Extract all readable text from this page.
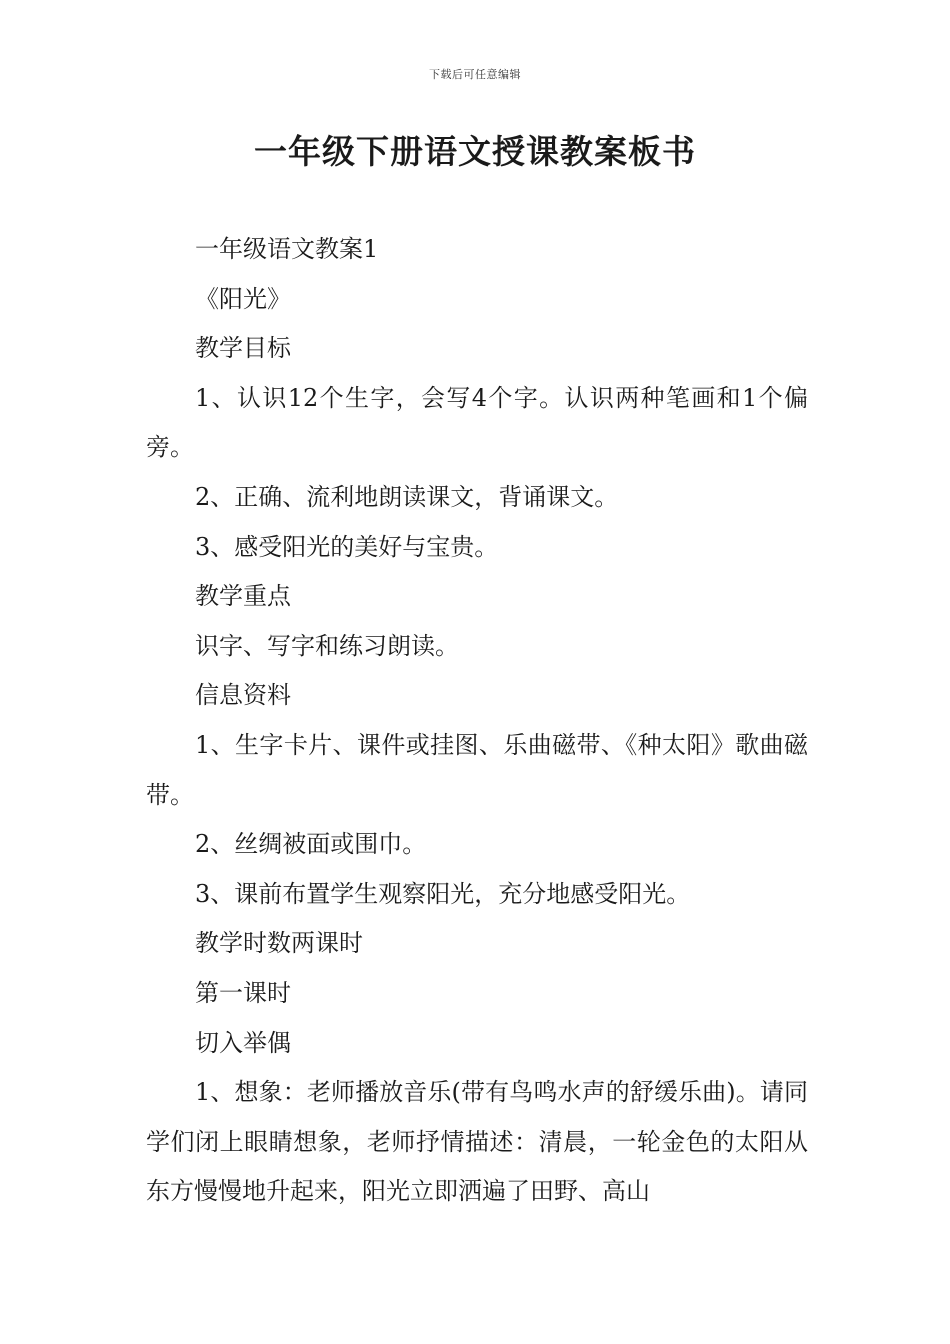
下载后可任意编辑
一年级下册语文授课教案板书

一年级语文教案1

《阳光》

教学目标

1、认识12个生字，会写4个字。认识两种笔画和1个偏旁。

2、正确、流利地朗读课文，背诵课文。

3、感受阳光的美好与宝贵。

教学重点

识字、写字和练习朗读。

信息资料

1、生字卡片、课件或挂图、乐曲磁带、《种太阳》歌曲磁带。

2、丝绸被面或围巾。

3、课前布置学生观察阳光，充分地感受阳光。

教学时数两课时

第一课时

切入举偶

1、想象：老师播放音乐(带有鸟鸣水声的舒缓乐曲)。请同学们闭上眼睛想象，老师抒情描述：清晨，一轮金色的太阳从东方慢慢地升起来，阳光立即洒遍了田野、高山
